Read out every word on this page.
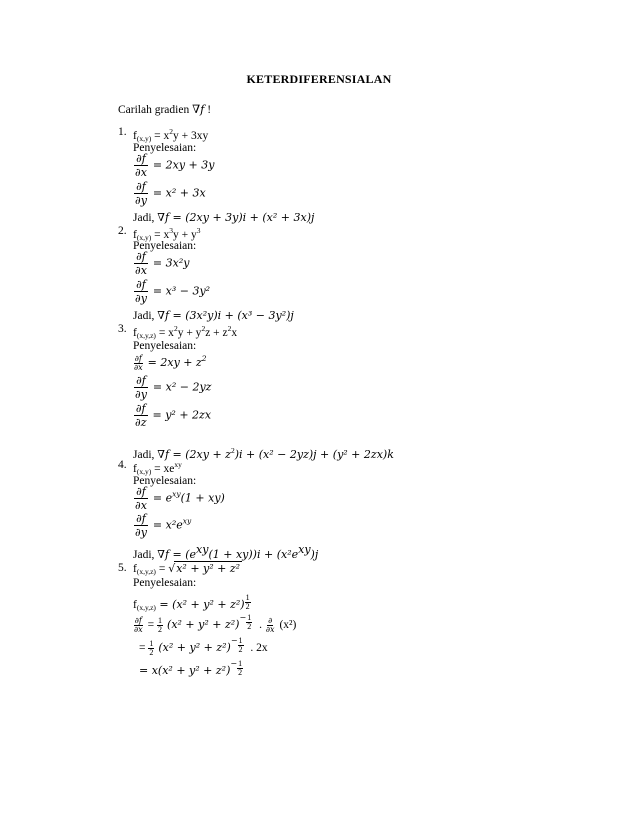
KETERDIFERENSIALAN
Carilah gradien ∇𝑓 !
1. $f_{(x,y)} = x^2y + 3xy$
Penyelesaian:
$\frac{\partial f}{\partial x} = 2xy + 3y$
$\frac{\partial f}{\partial y} = x^2 + 3x$
Jadi, ∇f = (2xy + 3y)i + (x² + 3x)j
2. $f_{(x,y)} = x^3y + y^3$
Penyelesaian:
$\frac{\partial f}{\partial x} = 3x^2y$
$\frac{\partial f}{\partial y} = x^3 - 3y^2$
Jadi, ∇f = (3x²y)i + (x³ − 3y²)j
3. $f_{(x,y,z)} = x^2y + y^2z + z^2x$
Penyelesaian:
$\frac{\partial f}{\partial x} = 2xy + z^2$
$\frac{\partial f}{\partial y} = x^2 - 2yz$
$\frac{\partial f}{\partial z} = y^2 + 2zx$
Jadi, $\nabla f = (2xy + z^2)i + (x^2 - 2yz)j + (y^2 + 2zx)k$
4. $f_{(x,y)} = xe^{xy}$
Penyelesaian:
$\frac{\partial f}{\partial x} = e^{xy}(1 + xy)$
$\frac{\partial f}{\partial y} = x^2e^{xy}$
Jadi, $\nabla f = (e^{xy}(1 + xy))i + (x^2e^{xy})j$
5. $f_{(x,y,z)} = √x^2 + y^2 + z^2$
Penyelesaian:
$f_{(x,y,z)} = (x^2 + y^2 + z^2) \frac{1}{2}$
$\frac{\partial f}{\partial x} = \frac{1}{2} (x^2 + y^2 + z^2)^- \frac{1}{2}$ . $\frac{\partial}{\partial x} (x^2)$
= $\frac{1}{2} (x^2 + y^2 + z^2)^- \frac{1}{2}$ . 2x
= $x(x^2 + y^2 + z^2)^- \frac{1}{2}$
